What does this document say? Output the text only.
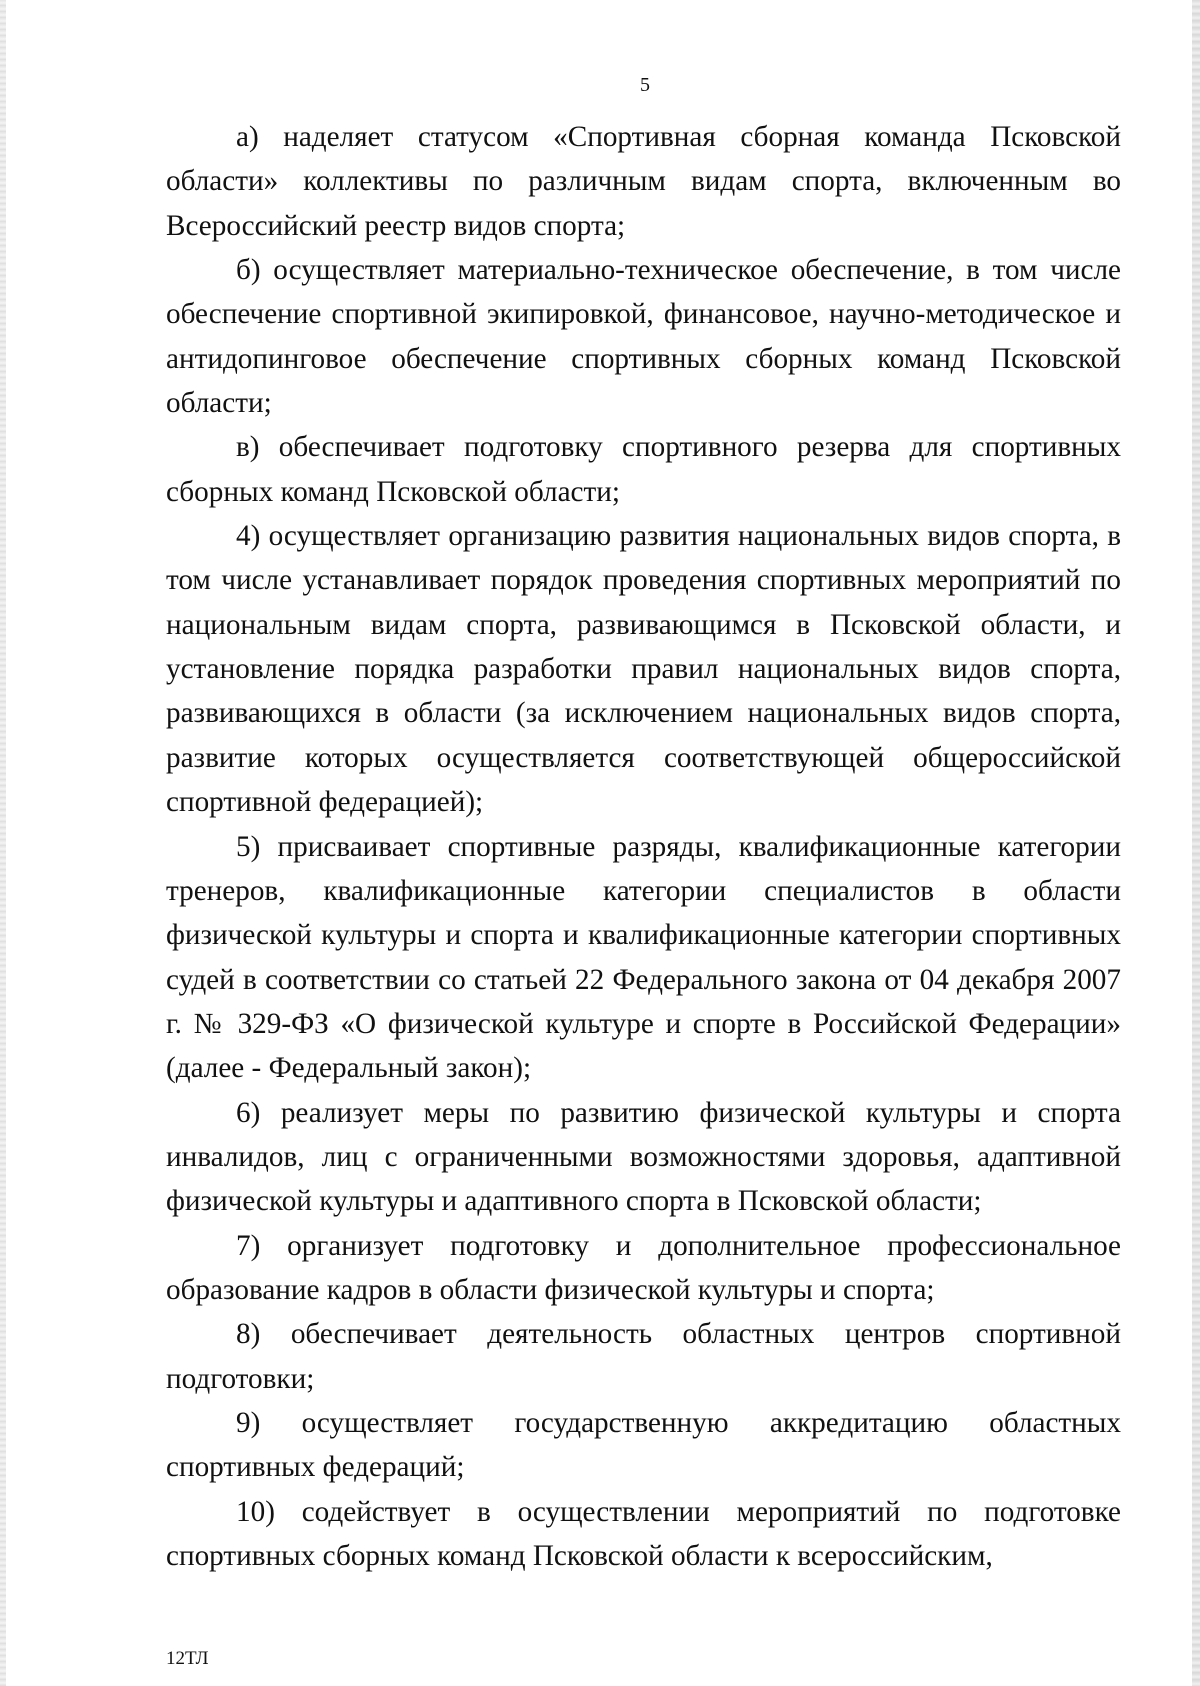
5

а) наделяет статусом «Спортивная сборная команда Псковской области» коллективы по различным видам спорта, включенным во Всероссийский реестр видов спорта;

б) осуществляет материально-техническое обеспечение, в том числе обеспечение спортивной экипировкой, финансовое, научно-методическое и антидопинговое обеспечение спортивных сборных команд Псковской области;

в) обеспечивает подготовку спортивного резерва для спортивных сборных команд Псковской области;

4) осуществляет организацию развития национальных видов спорта, в том числе устанавливает порядок проведения спортивных мероприятий по национальным видам спорта, развивающимся в Псковской области, и установление порядка разработки правил национальных видов спорта, развивающихся в области (за исключением национальных видов спорта, развитие которых осуществляется соответствующей общероссийской спортивной федерацией);

5) присваивает спортивные разряды, квалификационные категории тренеров, квалификационные категории специалистов в области физической культуры и спорта и квалификационные категории спортивных судей в соответствии со статьей 22 Федерального закона от 04 декабря 2007 г. № 329-ФЗ «О физической культуре и спорте в Российской Федерации» (далее - Федеральный закон);

6) реализует меры по развитию физической культуры и спорта инвалидов, лиц с ограниченными возможностями здоровья, адаптивной физической культуры и адаптивного спорта в Псковской области;

7) организует подготовку и дополнительное профессиональное образование кадров в области физической культуры и спорта;

8) обеспечивает деятельность областных центров спортивной подготовки;

9) осуществляет государственную аккредитацию областных спортивных федераций;

10) содействует в осуществлении мероприятий по подготовке спортивных сборных команд Псковской области к всероссийским,

12ТЛ
